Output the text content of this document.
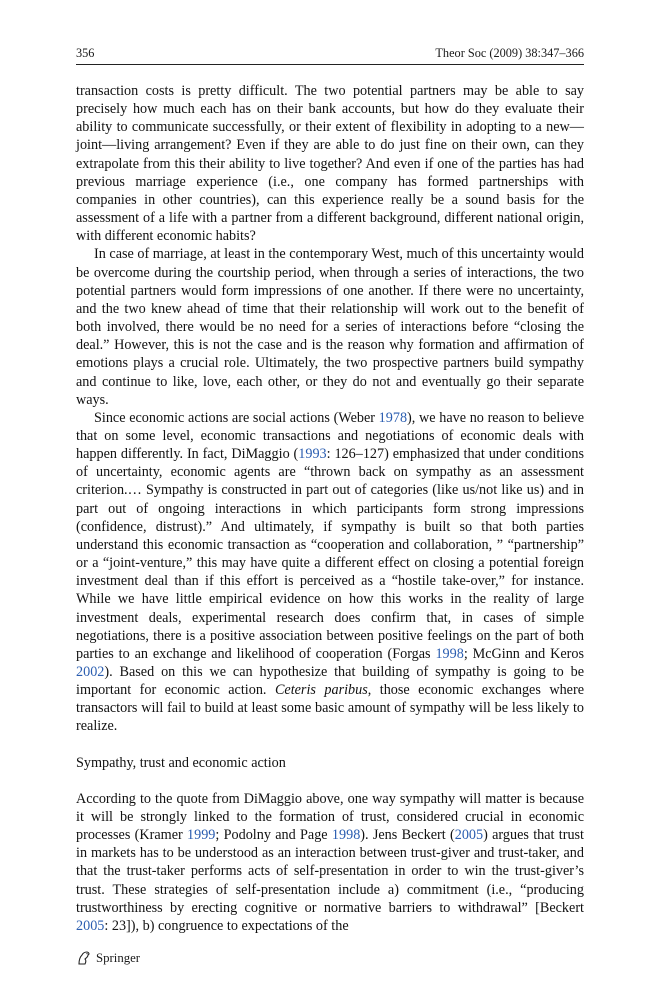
356	Theor Soc (2009) 38:347–366

transaction costs is pretty difficult. The two potential partners may be able to say precisely how much each has on their bank accounts, but how do they evaluate their ability to communicate successfully, or their extent of flexibility in adopting to a new—joint—living arrangement? Even if they are able to do just fine on their own, can they extrapolate from this their ability to live together? And even if one of the parties has had previous marriage experience (i.e., one company has formed partnerships with companies in other countries), can this experience really be a sound basis for the assessment of a life with a partner from a different background, different national origin, with different economic habits?

In case of marriage, at least in the contemporary West, much of this uncertainty would be overcome during the courtship period, when through a series of interactions, the two potential partners would form impressions of one another. If there were no uncertainty, and the two knew ahead of time that their relationship will work out to the benefit of both involved, there would be no need for a series of interactions before “closing the deal.” However, this is not the case and is the reason why formation and affirmation of emotions plays a crucial role. Ultimately, the two prospective partners build sympathy and continue to like, love, each other, or they do not and eventually go their separate ways.

Since economic actions are social actions (Weber 1978), we have no reason to believe that on some level, economic transactions and negotiations of economic deals with happen differently. In fact, DiMaggio (1993: 126–127) emphasized that under conditions of uncertainty, economic agents are “thrown back on sympathy as an assessment criterion.… Sympathy is constructed in part out of categories (like us/not like us) and in part out of ongoing interactions in which participants form strong impressions (confidence, distrust).” And ultimately, if sympathy is built so that both parties understand this economic transaction as “cooperation and collaboration, ” “partnership” or a “joint-venture,” this may have quite a different effect on closing a potential foreign investment deal than if this effort is perceived as a “hostile take-over,” for instance. While we have little empirical evidence on how this works in the reality of large investment deals, experimental research does confirm that, in cases of simple negotiations, there is a positive association between positive feelings on the part of both parties to an exchange and likelihood of cooperation (Forgas 1998; McGinn and Keros 2002). Based on this we can hypothesize that building of sympathy is going to be important for economic action. Ceteris paribus, those economic exchanges where transactors will fail to build at least some basic amount of sympathy will be less likely to realize.

Sympathy, trust and economic action

According to the quote from DiMaggio above, one way sympathy will matter is because it will be strongly linked to the formation of trust, considered crucial in economic processes (Kramer 1999; Podolny and Page 1998). Jens Beckert (2005) argues that trust in markets has to be understood as an interaction between trust-giver and trust-taker, and that the trust-taker performs acts of self-presentation in order to win the trust-giver’s trust. These strategies of self-presentation include a) commitment (i.e., “producing trustworthiness by erecting cognitive or normative barriers to withdrawal” [Beckert 2005: 23]), b) congruence to expectations of the

Springer
